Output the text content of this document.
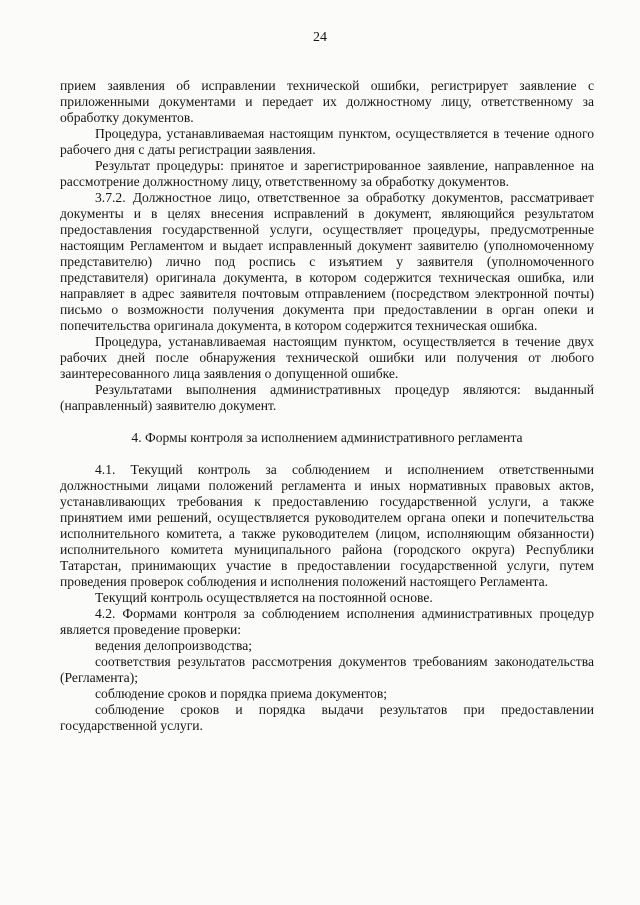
24

прием заявления об исправлении технической ошибки, регистрирует заявление с приложенными документами и передает их должностному лицу, ответственному за обработку документов.

Процедура, устанавливаемая настоящим пунктом, осуществляется в течение одного рабочего дня с даты регистрации заявления.

Результат процедуры: принятое и зарегистрированное заявление, направленное на рассмотрение должностному лицу, ответственному за обработку документов.

3.7.2. Должностное лицо, ответственное за обработку документов, рассматривает документы и в целях внесения исправлений в документ, являющийся результатом предоставления государственной услуги, осуществляет процедуры, предусмотренные настоящим Регламентом и выдает исправленный документ заявителю (уполномоченному представителю) лично под роспись с изъятием у заявителя (уполномоченного представителя) оригинала документа, в котором содержится техническая ошибка, или направляет в адрес заявителя почтовым отправлением (посредством электронной почты) письмо о возможности получения документа при предоставлении в орган опеки и попечительства оригинала документа, в котором содержится техническая ошибка.

Процедура, устанавливаемая настоящим пунктом, осуществляется в течение двух рабочих дней после обнаружения технической ошибки или получения от любого заинтересованного лица заявления о допущенной ошибке.

Результатами выполнения административных процедур являются: выданный (направленный) заявителю документ.

4. Формы контроля за исполнением административного регламента

4.1. Текущий контроль за соблюдением и исполнением ответственными должностными лицами положений регламента и иных нормативных правовых актов, устанавливающих требования к предоставлению государственной услуги, а также принятием ими решений, осуществляется руководителем органа опеки и попечительства исполнительного комитета, а также руководителем (лицом, исполняющим обязанности) исполнительного комитета муниципального района (городского округа) Республики Татарстан, принимающих участие в предоставлении государственной услуги, путем проведения проверок соблюдения и исполнения положений настоящего Регламента.

Текущий контроль осуществляется на постоянной основе.

4.2. Формами контроля за соблюдением исполнения административных процедур является проведение проверки:

ведения делопроизводства;

соответствия результатов рассмотрения документов требованиям законодательства (Регламента);

соблюдение сроков и порядка приема документов;

соблюдение сроков и порядка выдачи результатов при предоставлении государственной услуги.
